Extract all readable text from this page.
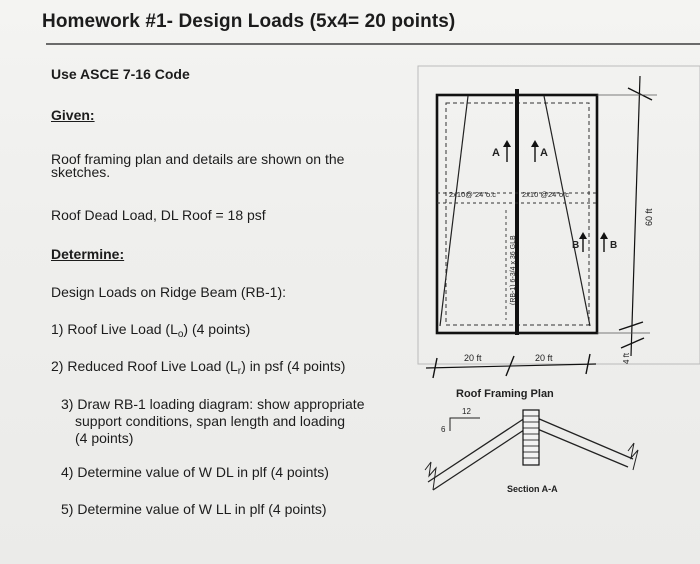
Homework #1- Design Loads (5x4= 20 points)

Use ASCE 7-16 Code

Given:

Roof framing plan and details are shown on the

sketches.

Roof Dead Load, DL Roof = 18 psf

Determine:

Design Loads on Ridge Beam (RB-1):

1) Roof Live Load $(L_o)$ (4 points)

2) Reduced Roof Live Load $(L_r)$ in psf (4 points)

3) Draw RB-1 loading diagram: show appropriate

support conditions, span length and loading

(4 points)

4) Determine value of W DL in plf (4 points)

5) Determine value of W LL in plf (4 points)

A	A
2x10@ 24"o.c	2x10 @24"o.c
(RB-1) 6-3/4 x 36 GLB	B	B
60 ft
4 ft
20 ft	20 ft
Roof Framing Plan
12
6
Section A-A
